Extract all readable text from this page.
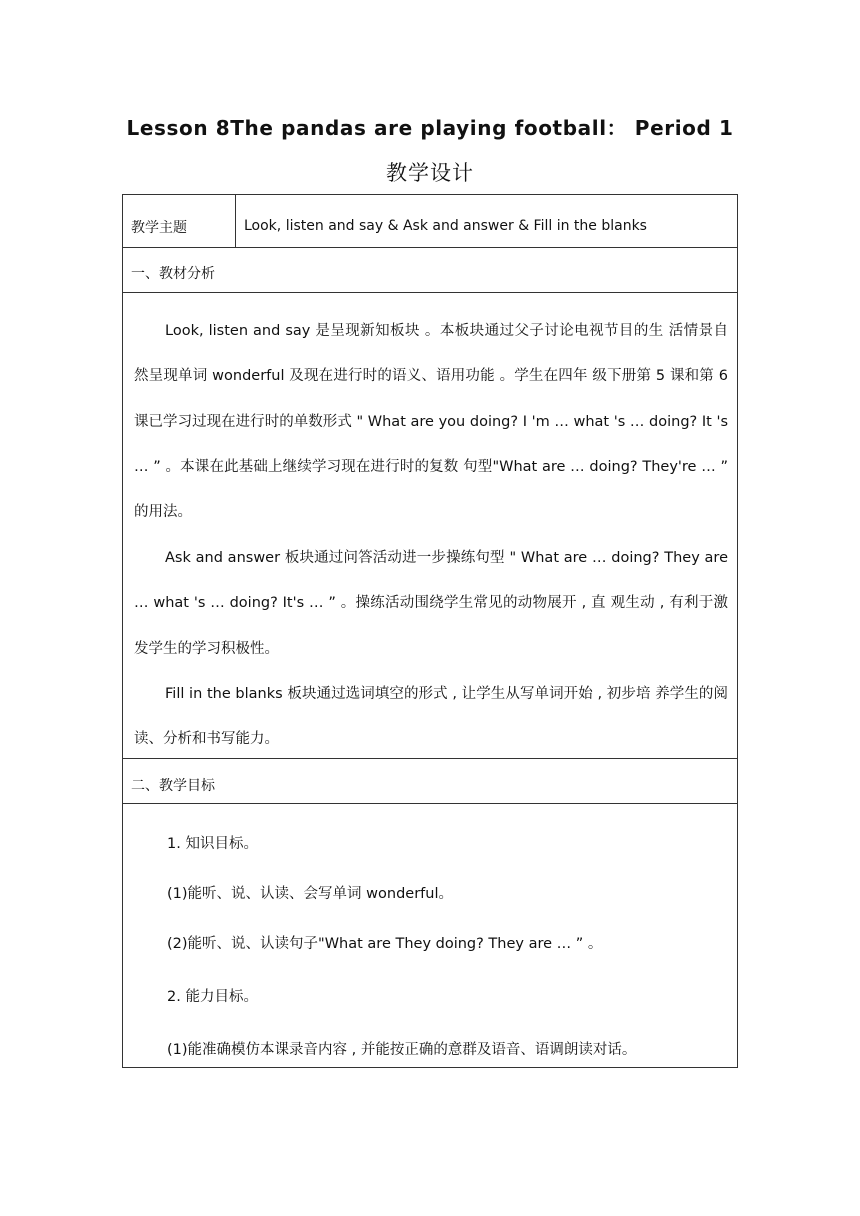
Lesson 8The pandas are playing football： Period 1
教学设计
教学主题	Look, listen and say & Ask and answer & Fill in the blanks
一、教材分析
Look, listen and say 是呈现新知板块 。本板块通过父子讨论电视节目的生 活情景自然呈现单词 wonderful 及现在进行时的语义、语用功能 。学生在四年 级下册第 5 课和第 6 课已学习过现在进行时的单数形式 " What are you doing? I 'm … what 's … doing? It 's … ” 。本课在此基础上继续学习现在进行时的复数 句型"What are … doing? They're … ” 的用法。
Ask and answer 板块通过问答活动进一步操练句型 " What are … doing? They are … what 's … doing? It's … ” 。操练活动围绕学生常见的动物展开 , 直 观生动 , 有利于激发学生的学习积极性。
Fill in the blanks 板块通过选词填空的形式 , 让学生从写单词开始 , 初步培 养学生的阅读、分析和书写能力。
二、教学目标
1. 知识目标。
(1)能听、说、认读、会写单词 wonderful。
(2)能听、说、认读句子"What are They doing? They are … ” 。
2. 能力目标。
(1)能准确模仿本课录音内容 , 并能按正确的意群及语音、语调朗读对话。
